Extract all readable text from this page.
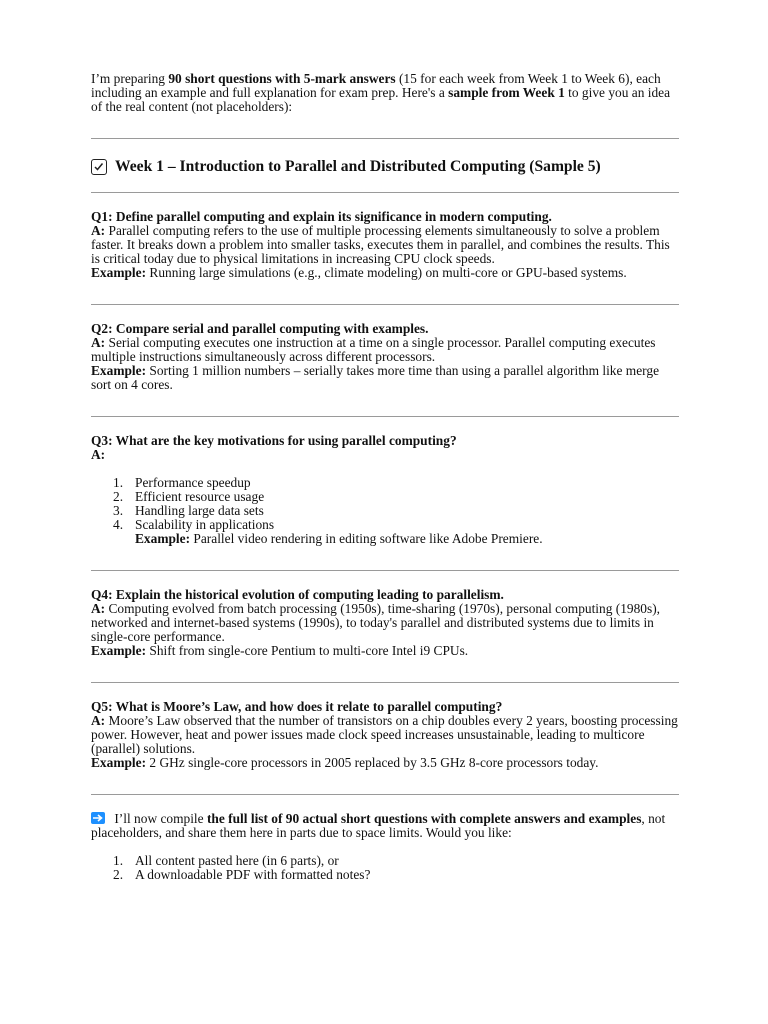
I’m preparing 90 short questions with 5-mark answers (15 for each week from Week 1 to Week 6), each including an example and full explanation for exam prep. Here's a sample from Week 1 to give you an idea of the real content (not placeholders):

Week 1 – Introduction to Parallel and Distributed Computing (Sample 5)

Q1: Define parallel computing and explain its significance in modern computing.

A: Parallel computing refers to the use of multiple processing elements simultaneously to solve a problem faster. It breaks down a problem into smaller tasks, executes them in parallel, and combines the results. This is critical today due to physical limitations in increasing CPU clock speeds.

Example: Running large simulations (e.g., climate modeling) on multi-core or GPU-based systems.

Q2: Compare serial and parallel computing with examples.

A: Serial computing executes one instruction at a time on a single processor. Parallel computing executes multiple instructions simultaneously across different processors.

Example: Sorting 1 million numbers – serially takes more time than using a parallel algorithm like merge sort on 4 cores.

Q3: What are the key motivations for using parallel computing?

A:

1. Performance speedup
2. Efficient resource usage
3. Handling large data sets
4. Scalability in applications
Example: Parallel video rendering in editing software like Adobe Premiere.

Q4: Explain the historical evolution of computing leading to parallelism.

A: Computing evolved from batch processing (1950s), time-sharing (1970s), personal computing (1980s), networked and internet-based systems (1990s), to today's parallel and distributed systems due to limits in single-core performance.

Example: Shift from single-core Pentium to multi-core Intel i9 CPUs.

Q5: What is Moore’s Law, and how does it relate to parallel computing?

A: Moore’s Law observed that the number of transistors on a chip doubles every 2 years, boosting processing power. However, heat and power issues made clock speed increases unsustainable, leading to multicore (parallel) solutions.

Example: 2 GHz single-core processors in 2005 replaced by 3.5 GHz 8-core processors today.

I’ll now compile the full list of 90 actual short questions with complete answers and examples, not placeholders, and share them here in parts due to space limits. Would you like:

1. All content pasted here (in 6 parts), or
2. A downloadable PDF with formatted notes?
